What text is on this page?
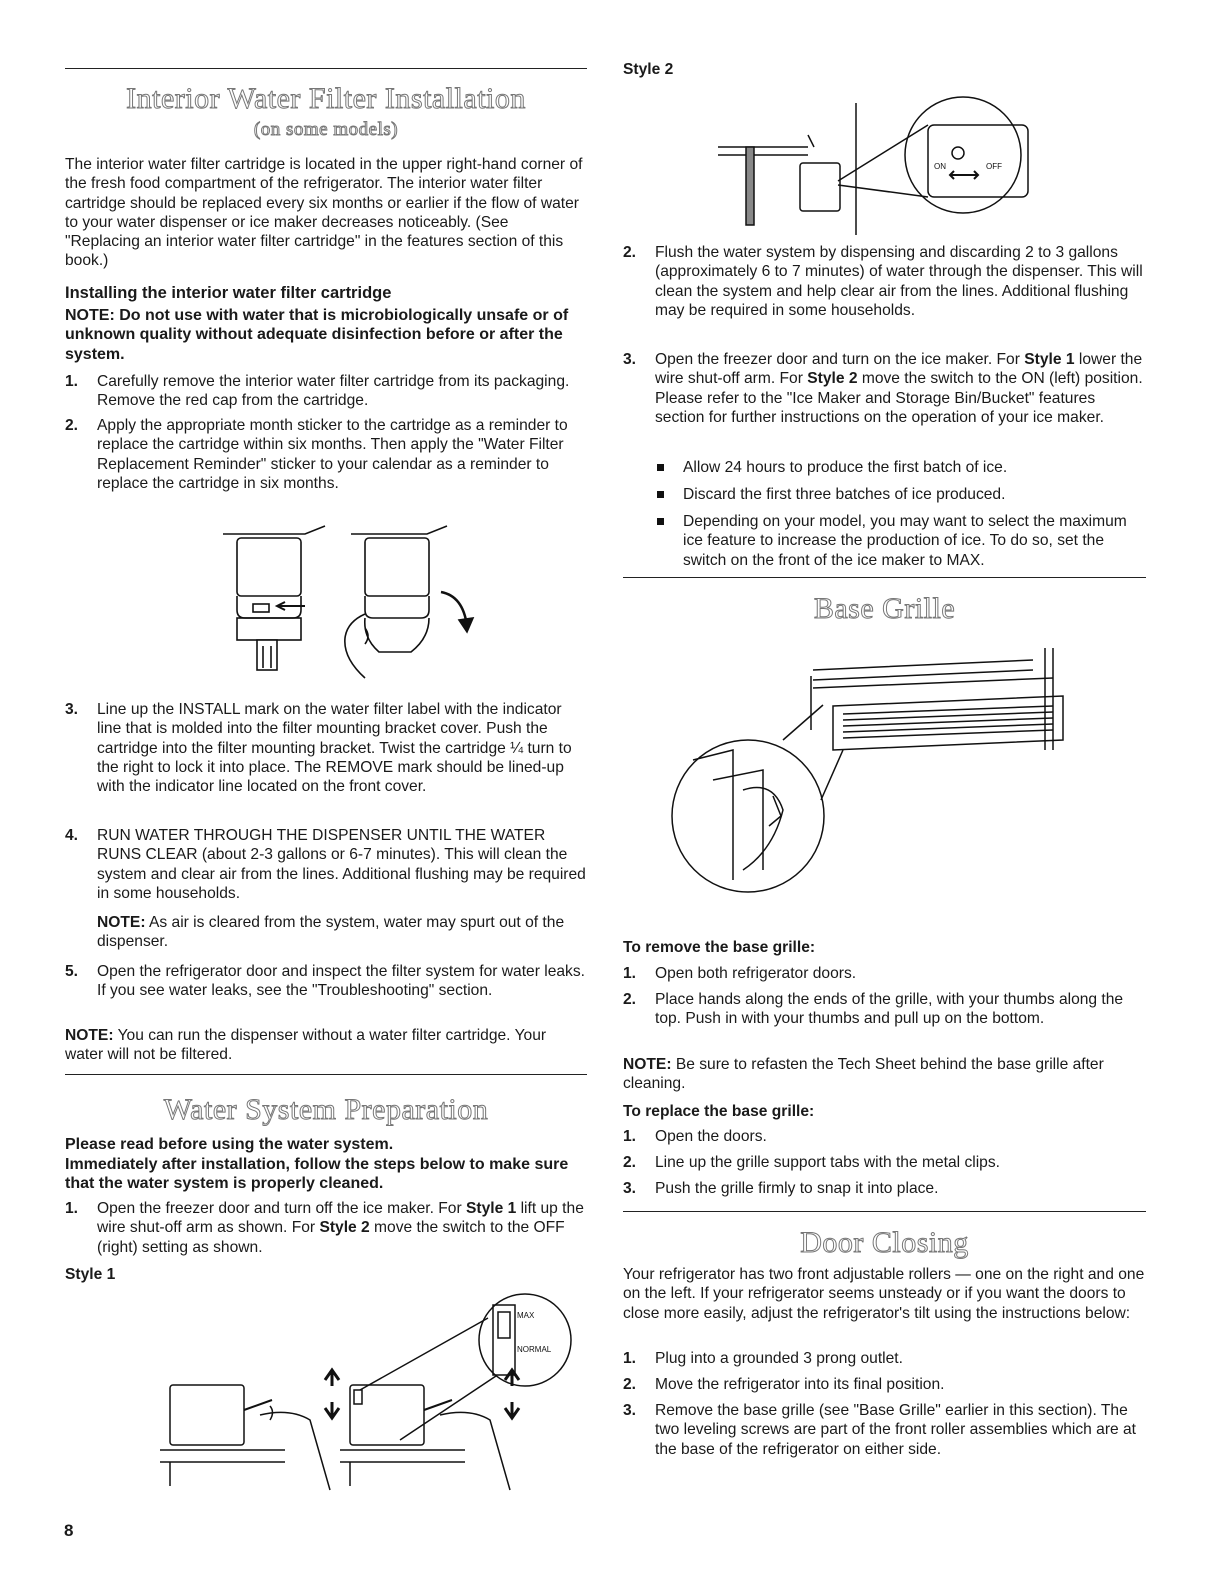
Interior Water Filter Installation
(on some models)

The interior water filter cartridge is located in the upper right-hand corner of the fresh food compartment of the refrigerator. The interior water filter cartridge should be replaced every six months or earlier if the flow of water to your water dispenser or ice maker decreases noticeably. (See "Replacing an interior water filter cartridge" in the features section of this book.)

Installing the interior water filter cartridge

NOTE: Do not use with water that is microbiologically unsafe or of unknown quality without adequate disinfection before or after the system.

1.	Carefully remove the interior water filter cartridge from its packaging. Remove the red cap from the cartridge.
2.	Apply the appropriate month sticker to the cartridge as a reminder to replace the cartridge within six months. Then apply the "Water Filter Replacement Reminder" sticker to your calendar as a reminder to replace the cartridge in six months.
3.	Line up the INSTALL mark on the water filter label with the indicator line that is molded into the filter mounting bracket cover. Push the cartridge into the filter mounting bracket. Twist the cartridge ¼ turn to the right to lock it into place. The REMOVE mark should be lined-up with the indicator line located on the front cover.
4.	RUN WATER THROUGH THE DISPENSER UNTIL THE WATER RUNS CLEAR (about 2-3 gallons or 6-7 minutes). This will clean the system and clear air from the lines. Additional flushing may be required in some households.
NOTE: As air is cleared from the system, water may spurt out of the dispenser.
5.	Open the refrigerator door and inspect the filter system for water leaks. If you see water leaks, see the "Troubleshooting" section.
NOTE: You can run the dispenser without a water filter cartridge. Your water will not be filtered.
Water System Preparation

Please read before using the water system.

Immediately after installation, follow the steps below to make sure that the water system is properly cleaned.

1.	Open the freezer door and turn off the ice maker. For Style 1 lift up the wire shut-off arm as shown. For Style 2 move the switch to the OFF (right) setting as shown.
Style 1
MAX
NORMAL
8
Style 2
ON	OFF
2.	Flush the water system by dispensing and discarding 2 to 3 gallons (approximately 6 to 7 minutes) of water through the dispenser. This will clean the system and help clear air from the lines. Additional flushing may be required in some households.
3.	Open the freezer door and turn on the ice maker. For Style 1 lower the wire shut-off arm. For Style 2 move the switch to the ON (left) position. Please refer to the "Ice Maker and Storage Bin/Bucket" features section for further instructions on the operation of your ice maker.
Allow 24 hours to produce the first batch of ice.
Discard the first three batches of ice produced.
Depending on your model, you may want to select the maximum ice feature to increase the production of ice. To do so, set the switch on the front of the ice maker to MAX.
Base Grille
To remove the base grille:
1.	Open both refrigerator doors.
2.	Place hands along the ends of the grille, with your thumbs along the top. Push in with your thumbs and pull up on the bottom.
NOTE: Be sure to refasten the Tech Sheet behind the base grille after cleaning.
To replace the base grille:
1.	Open the doors.
2.	Line up the grille support tabs with the metal clips.
3.	Push the grille firmly to snap it into place.
Door Closing

Your refrigerator has two front adjustable rollers — one on the right and one on the left. If your refrigerator seems unsteady or if you want the doors to close more easily, adjust the refrigerator's tilt using the instructions below:

1.	Plug into a grounded 3 prong outlet.
2.	Move the refrigerator into its final position.
3.	Remove the base grille (see "Base Grille" earlier in this section). The two leveling screws are part of the front roller assemblies which are at the base of the refrigerator on either side.
